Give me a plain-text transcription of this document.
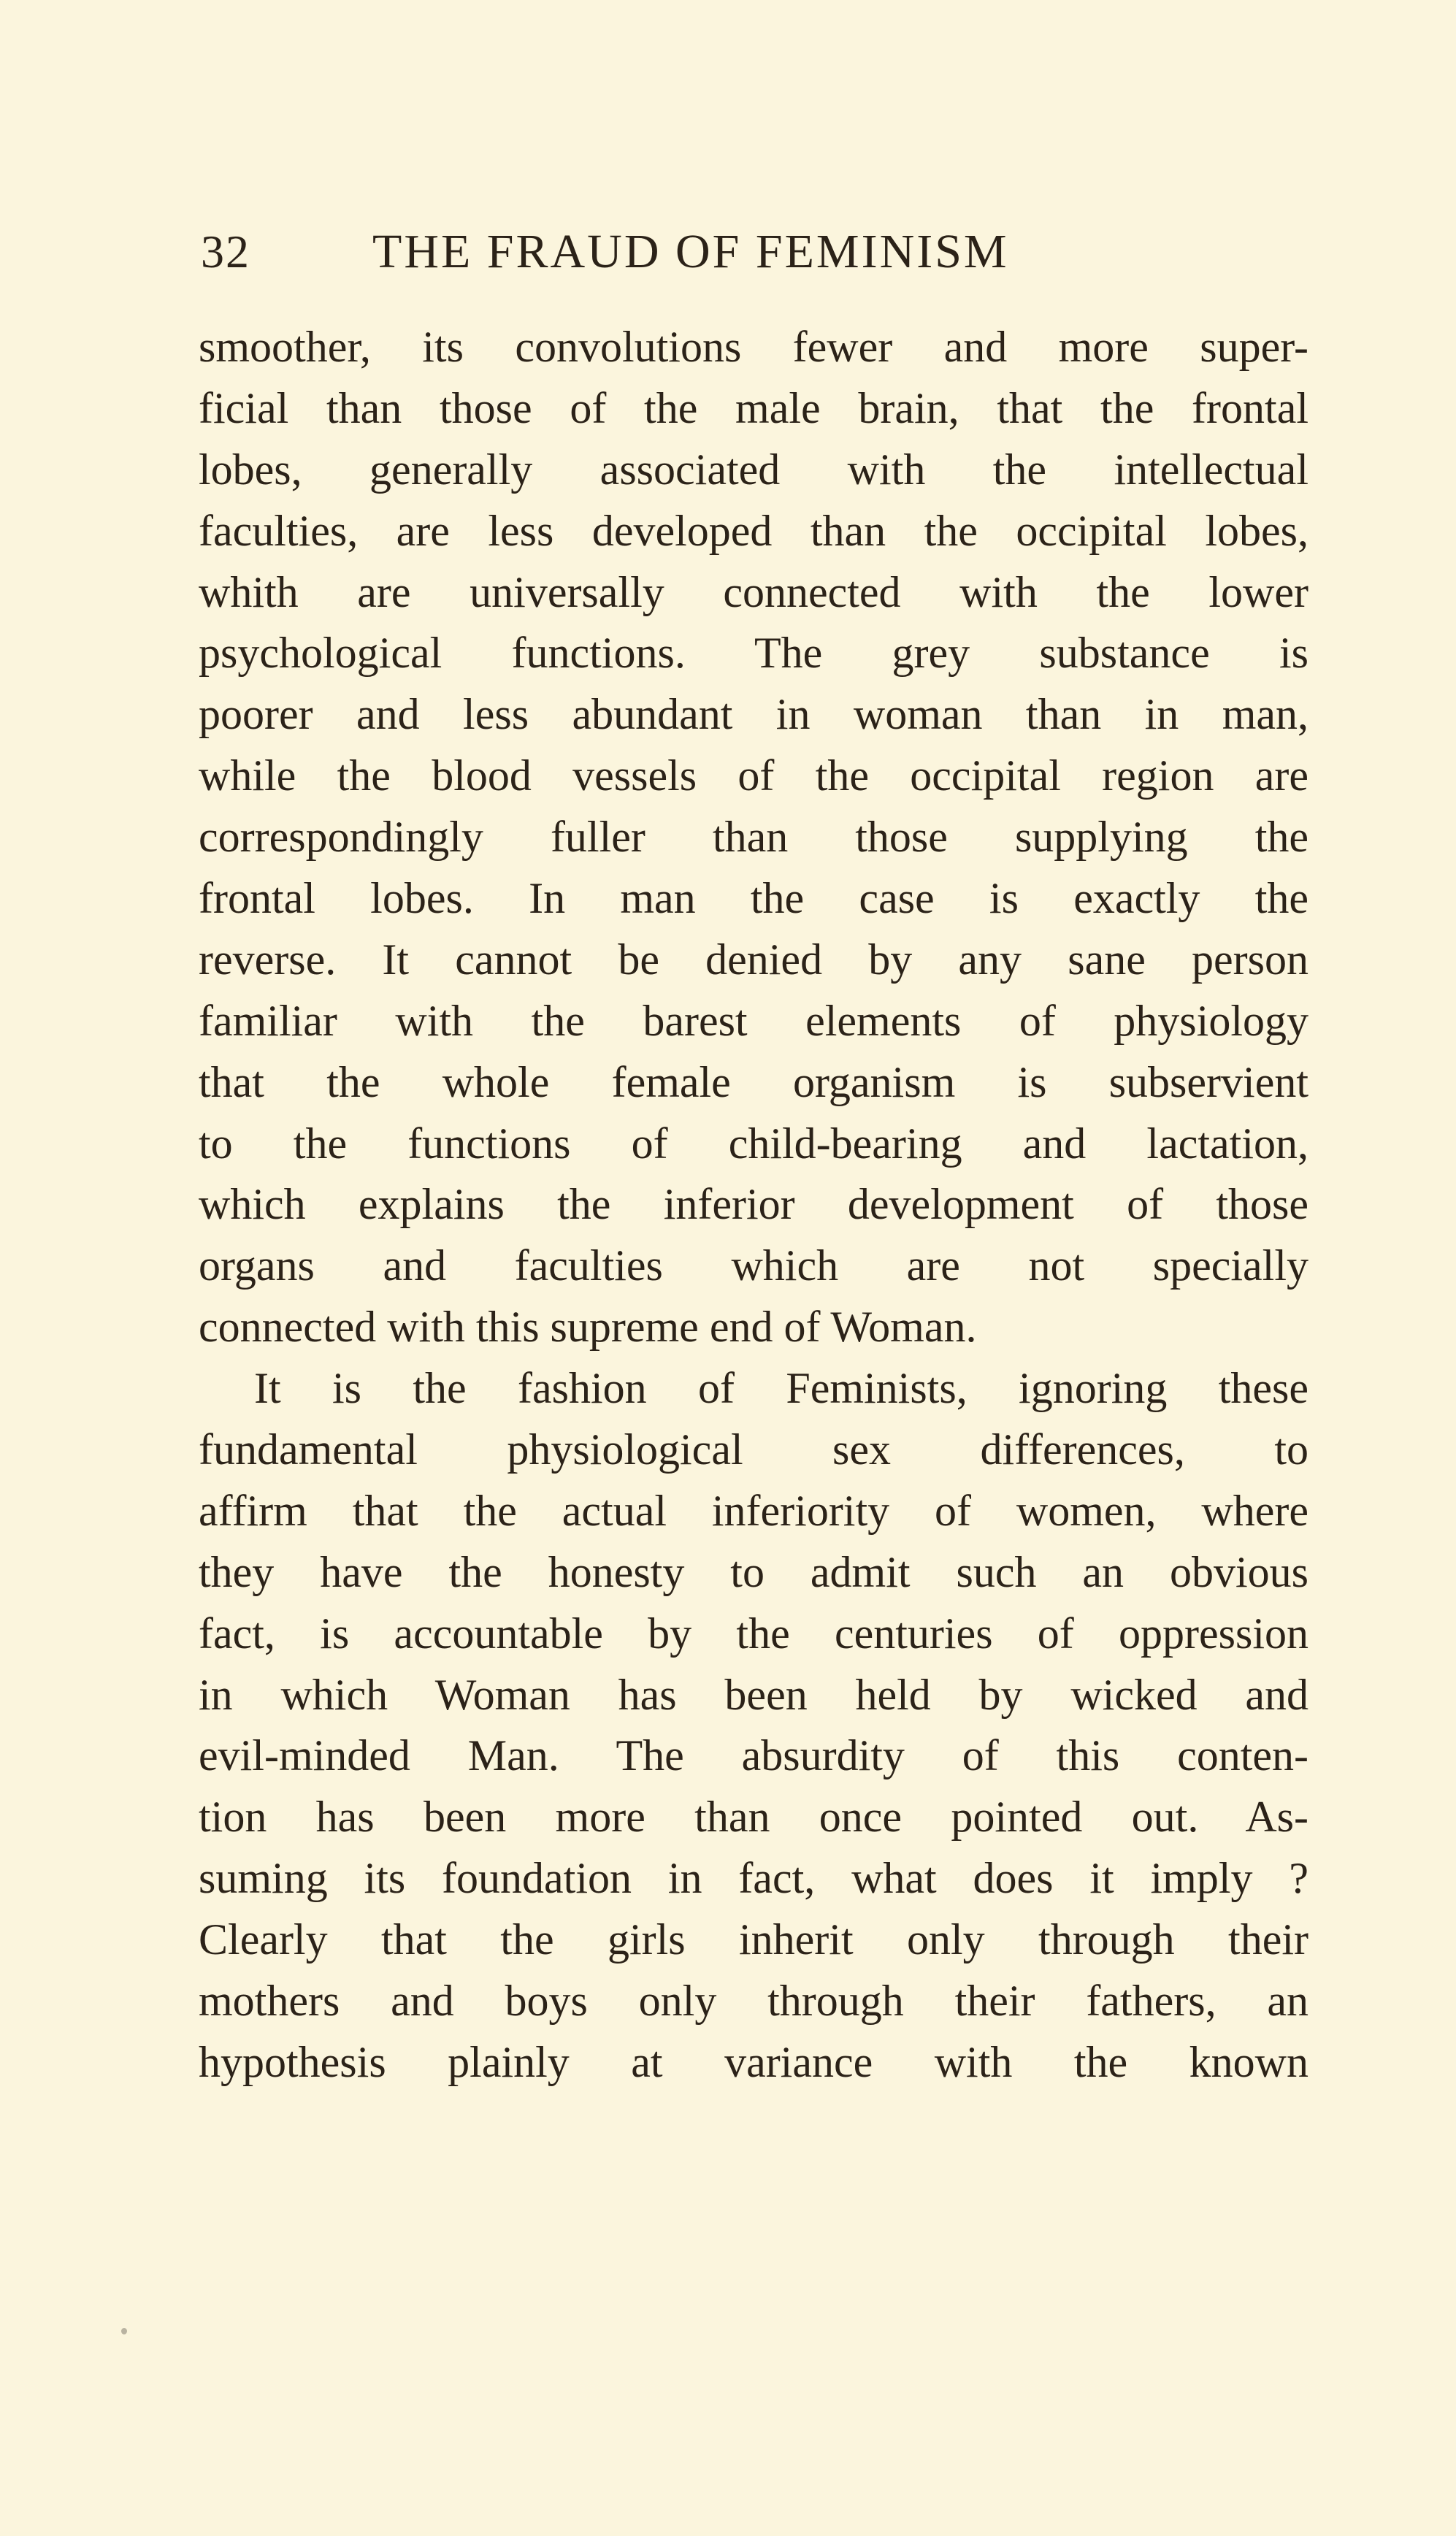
32	THE FRAUD OF FEMINISM
smoother, its convolutions fewer and more super-
ficial than those of the male brain, that the frontal
lobes, generally associated with the intellectual
faculties, are less developed than the occipital lobes,
whith are universally connected with the lower
psychological functions. The grey substance is
poorer and less abundant in woman than in man,
while the blood vessels of the occipital region are
correspondingly fuller than those supplying the
frontal lobes. In man the case is exactly the
reverse. It cannot be denied by any sane person
familiar with the barest elements of physiology
that the whole female organism is subservient
to the functions of child-bearing and lactation,
which explains the inferior development of those
organs and faculties which are not specially
connected with this supreme end of Woman.
It is the fashion of Feminists, ignoring these
fundamental physiological sex differences, to
affirm that the actual inferiority of women, where
they have the honesty to admit such an obvious
fact, is accountable by the centuries of oppression
in which Woman has been held by wicked and
evil-minded Man. The absurdity of this conten-
tion has been more than once pointed out. As-
suming its foundation in fact, what does it imply ?
Clearly that the girls inherit only through their
mothers and boys only through their fathers, an
hypothesis plainly at variance with the known
